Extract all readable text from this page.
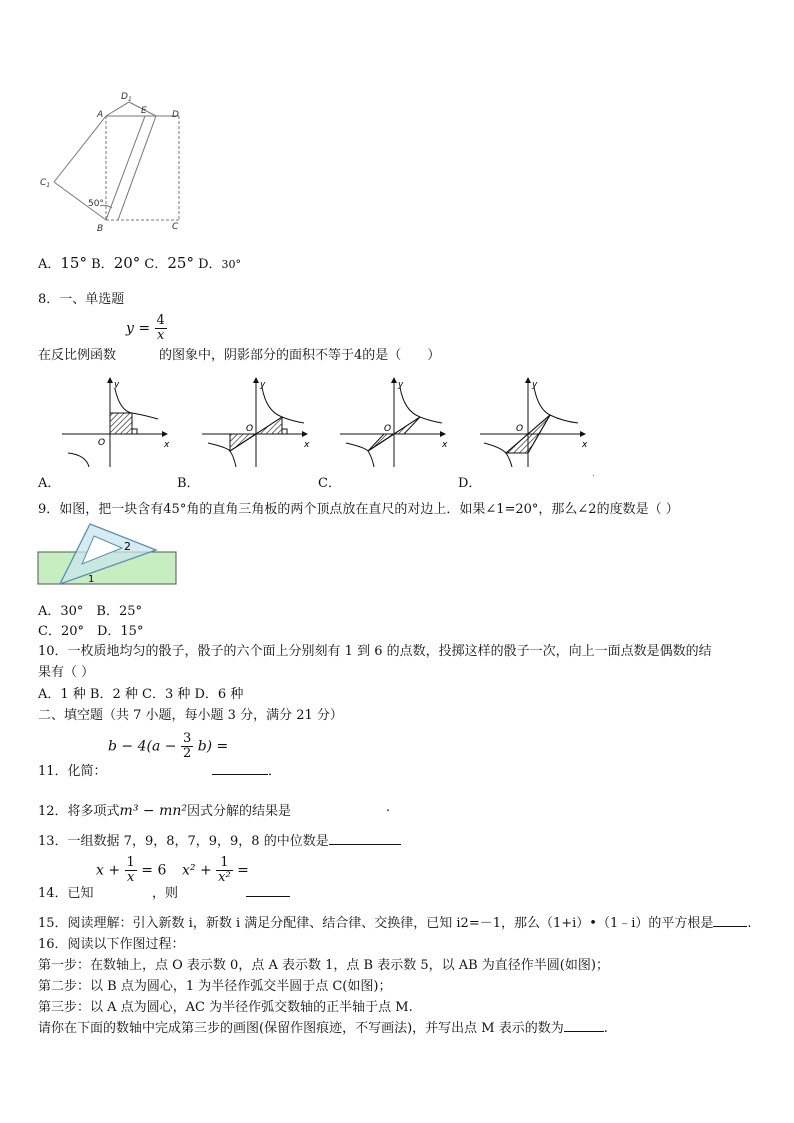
A
$D_1$
E	D
$C_1$
B	C
50°
A．15° B．20° C．25° D．30°
8．一、单选题
$y = \frac{4}{x}$
在反比例函数	的图象中，阴影部分的面积不等于4的是（　　）
x
y
O	x
y
O
x
y
O
x
y
O
A．	B．	C．	D．
.
9．如图，把一块含有45°角的直角三角板的两个顶点放在直尺的对边上．如果∠1=20°，那么∠2的度数是（ ）
2
1
A．30°　B．25°
C．20°　D．15°
10．一枚质地均匀的骰子，骰子的六个面上分别刻有 1 到 6 的点数，投掷这样的骰子一次，向上一面点数是偶数的结
果有（ ）
A．1 种 B．2 种 C．3 种 D．6 种
二、填空题（共 7 小题，每小题 3 分，满分 21 分）
$b - 4(a - \frac{3}{2} b)$ =
11．化简：	．
12．将多项式m³ − mn²因式分解的结果是	.
13．一组数据 7，9，8，7，9，9，8 的中位数是
$x + \frac{1}{x} = 6$ $x^2 + \frac{1}{\text{x²}}$ =
14．已知	，则
15．阅读理解：引入新数 i，新数 i 满足分配律、结合律、交换律，已知 i2=－1，那么（1+i）•（1﹣i）的平方根是	.
16．阅读以下作图过程：
第一步：在数轴上，点 O 表示数 0，点 A 表示数 1，点 B 表示数 5，以 AB 为直径作半圆(如图)；
第二步：以 B 点为圆心，1 为半径作弧交半圆于点 C(如图)；
第三步：以 A 点为圆心，AC 为半径作弧交数轴的正半轴于点 M.
请你在下面的数轴中完成第三步的画图(保留作图痕迹，不写画法)，并写出点 M 表示的数为	.
